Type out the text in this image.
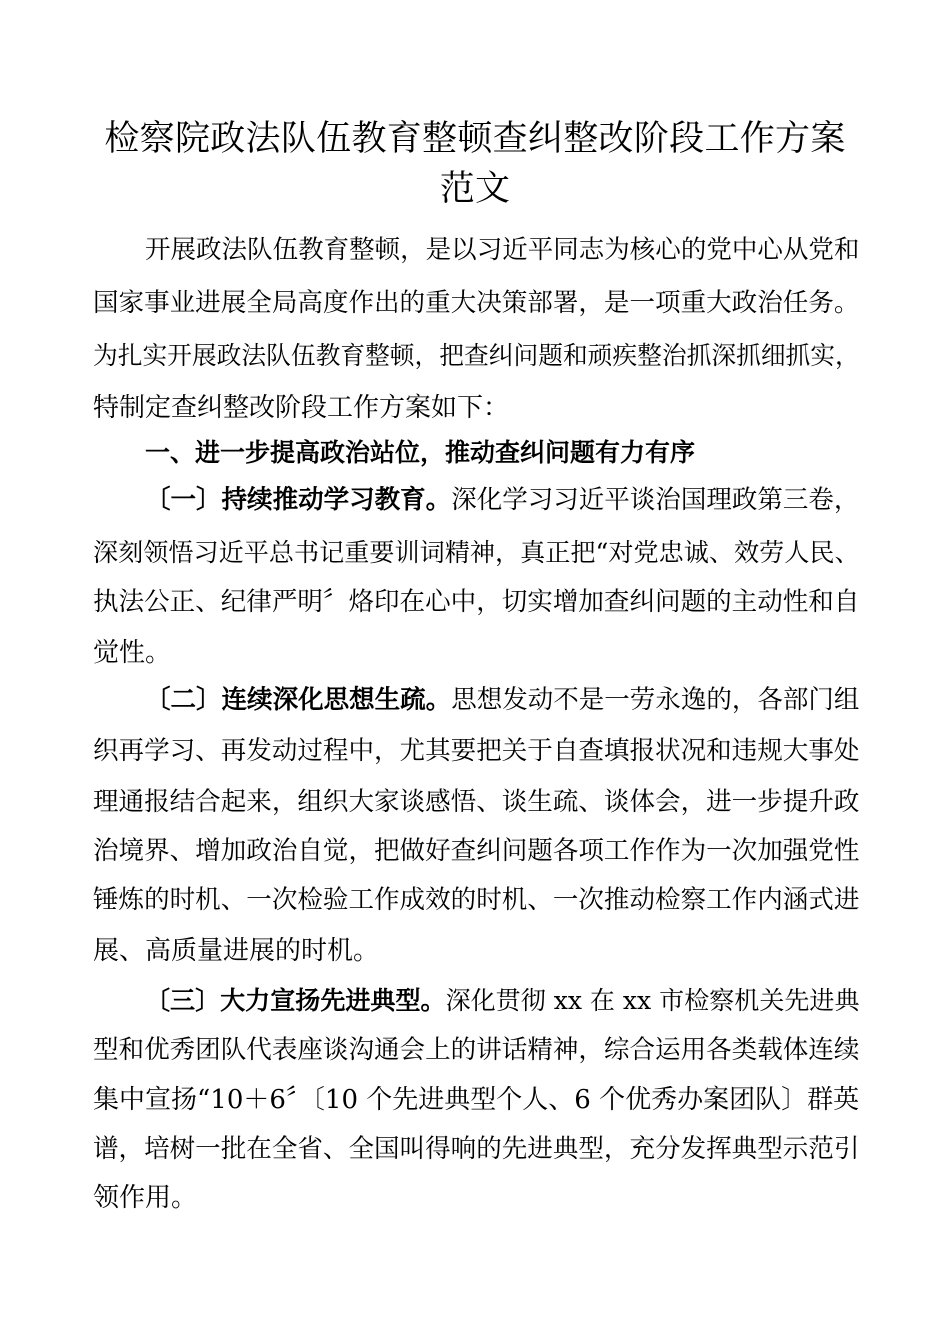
检察院政法队伍教育整顿查纠整改阶段工作方案
范文
开展政法队伍教育整顿，是以习近平同志为核心的党中心从党和
国家事业进展全局高度作出的重大决策部署，是一项重大政治任务。
为扎实开展政法队伍教育整顿，把查纠问题和顽疾整治抓深抓细抓实，
特制定查纠整改阶段工作方案如下：
一、进一步提高政治站位，推动查纠问题有力有序
〔一〕持续推动学习教育。深化学习习近平谈治国理政第三卷，
深刻领悟习近平总书记重要训词精神，真正把“对党忠诚、效劳人民、
执法公正、纪律严明〞烙印在心中，切实增加查纠问题的主动性和自
觉性。
〔二〕连续深化思想生疏。思想发动不是一劳永逸的，各部门组
织再学习、再发动过程中，尤其要把关于自查填报状况和违规大事处
理通报结合起来，组织大家谈感悟、谈生疏、谈体会，进一步提升政
治境界、增加政治自觉，把做好查纠问题各项工作作为一次加强党性
锤炼的时机、一次检验工作成效的时机、一次推动检察工作内涵式进
展、高质量进展的时机。
〔三〕大力宣扬先进典型。深化贯彻 xx 在 xx 市检察机关先进典
型和优秀团队代表座谈沟通会上的讲话精神，综合运用各类载体连续
集中宣扬“10＋6〞〔10 个先进典型个人、6 个优秀办案团队〕群英
谱，培树一批在全省、全国叫得响的先进典型，充分发挥典型示范引
领作用。
